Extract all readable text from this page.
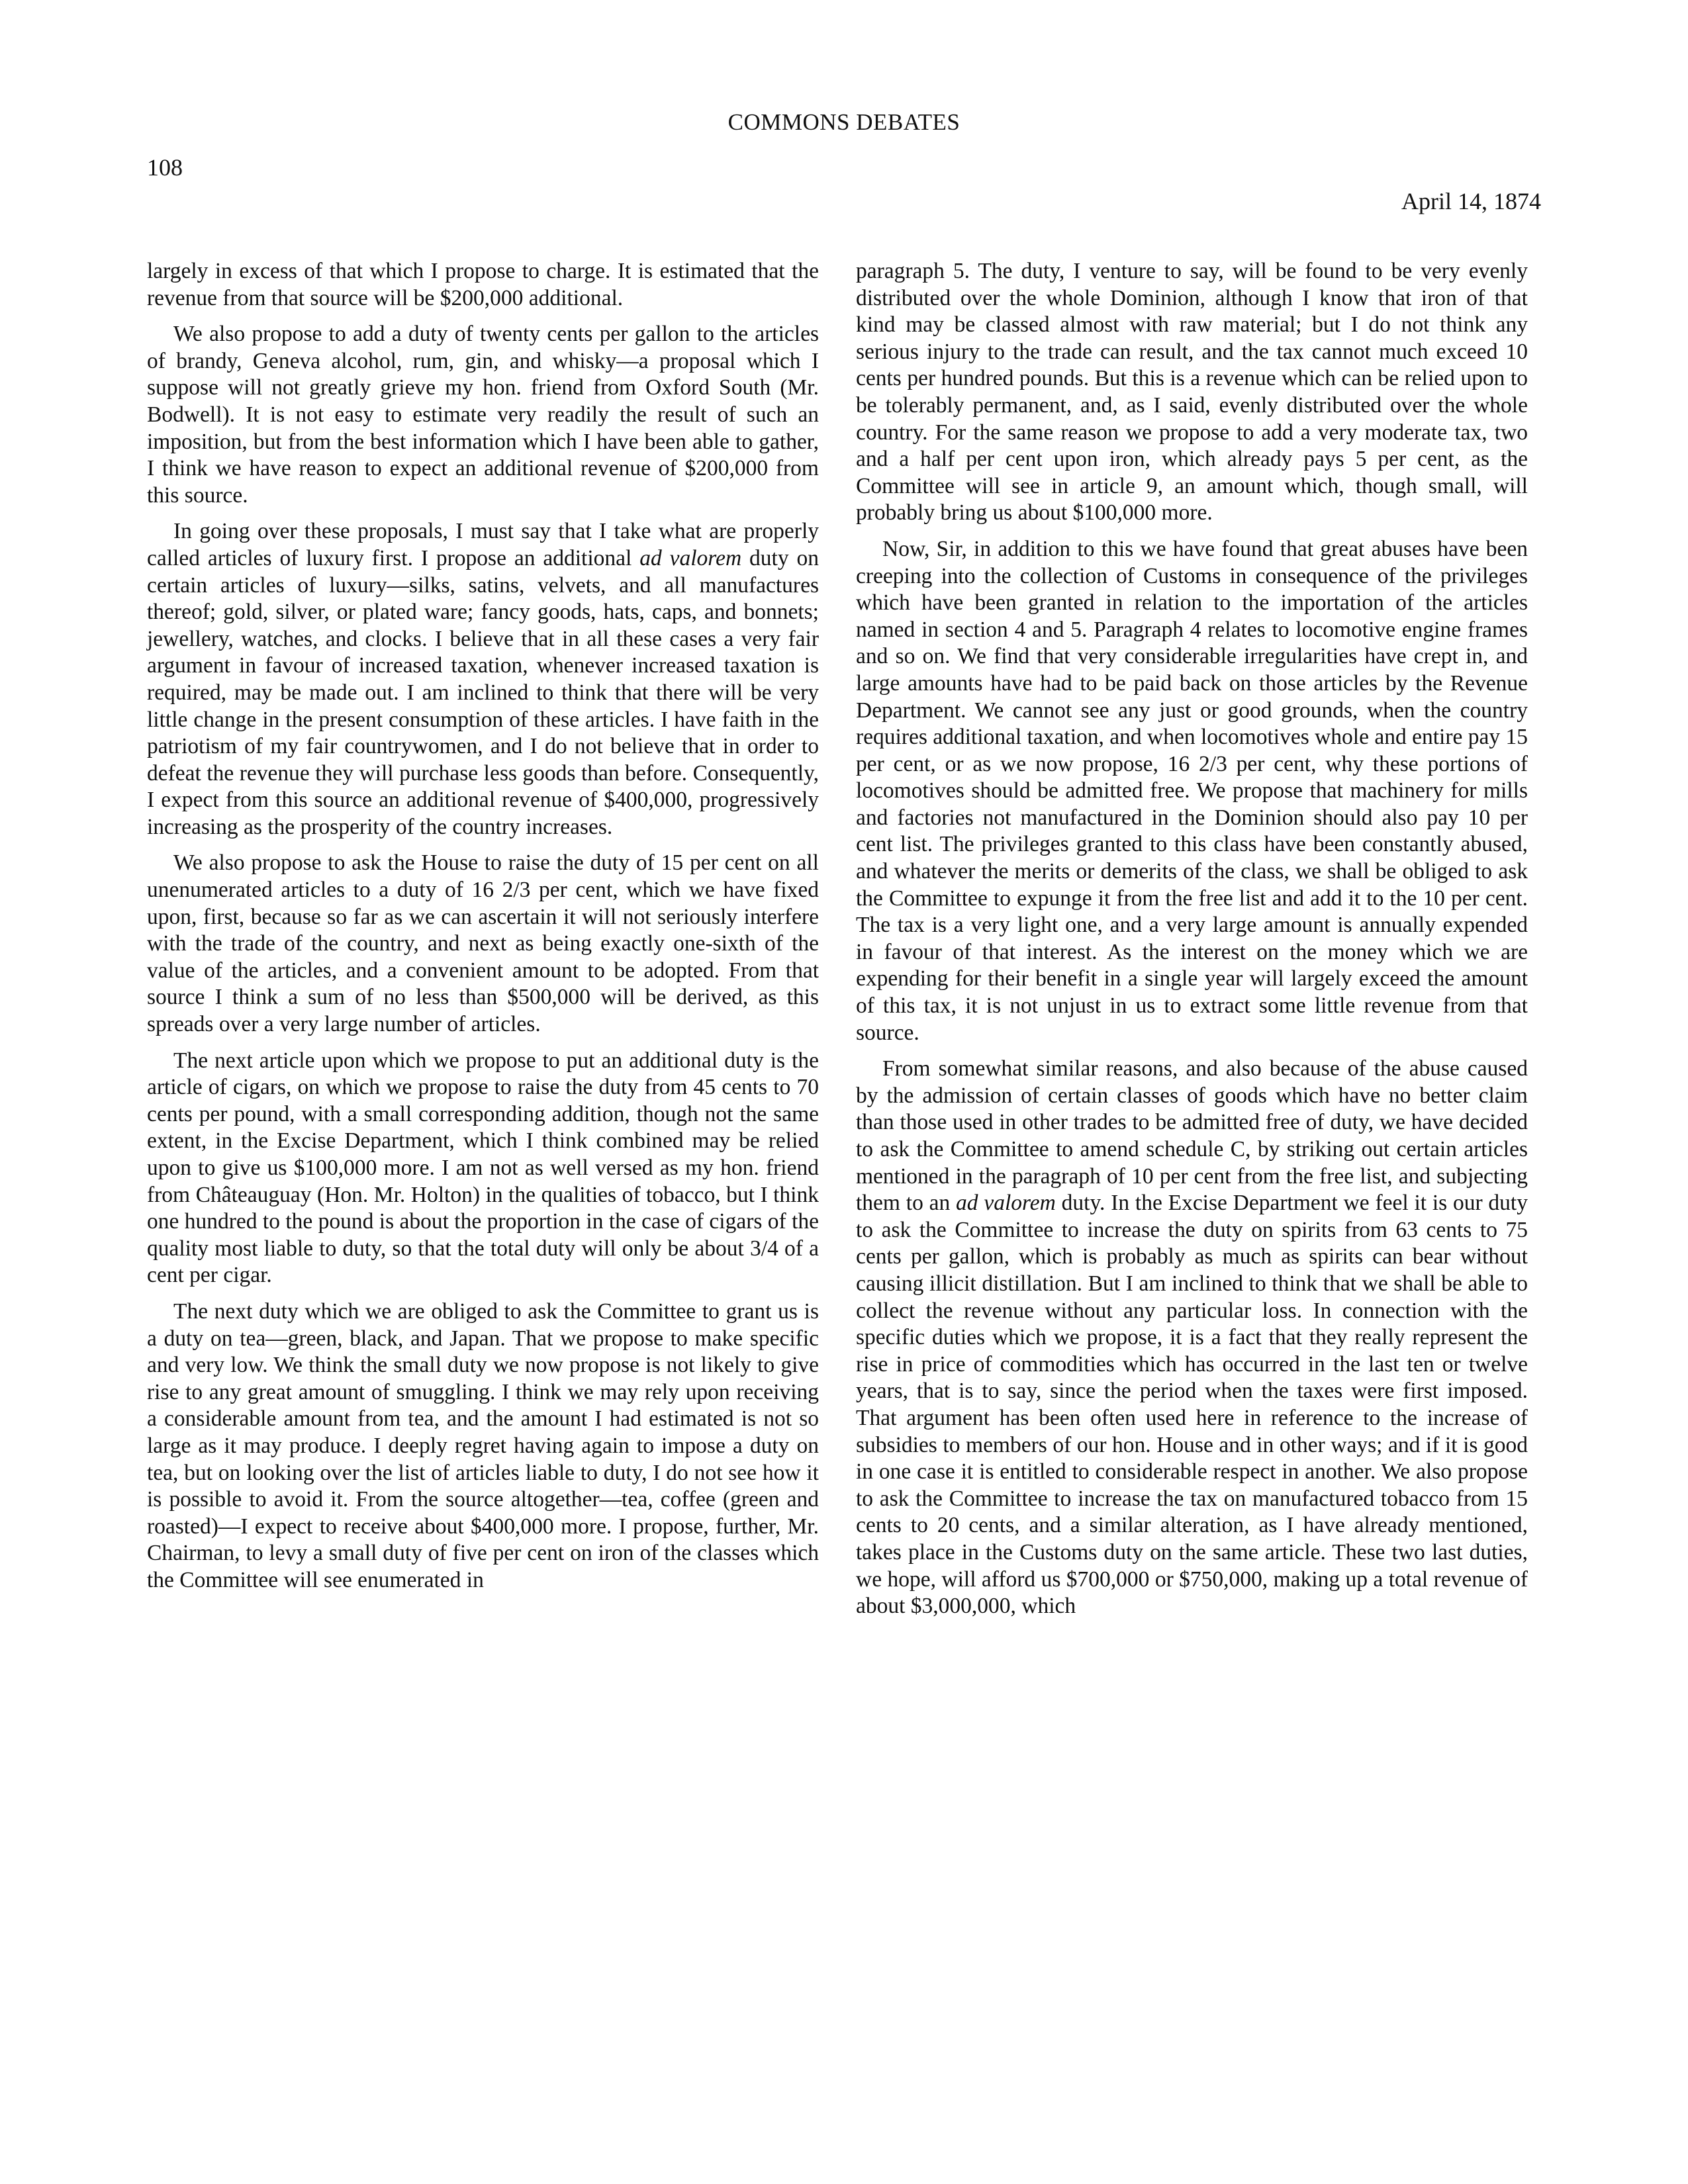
COMMONS DEBATES
108
April 14, 1874

largely in excess of that which I propose to charge. It is estimated that the revenue from that source will be $200,000 additional.

We also propose to add a duty of twenty cents per gallon to the articles of brandy, Geneva alcohol, rum, gin, and whisky—a proposal which I suppose will not greatly grieve my hon. friend from Oxford South (Mr. Bodwell). It is not easy to estimate very readily the result of such an imposition, but from the best information which I have been able to gather, I think we have reason to expect an additional revenue of $200,000 from this source.

In going over these proposals, I must say that I take what are properly called articles of luxury first. I propose an additional ad valorem duty on certain articles of luxury—silks, satins, velvets, and all manufactures thereof; gold, silver, or plated ware; fancy goods, hats, caps, and bonnets; jewellery, watches, and clocks. I believe that in all these cases a very fair argument in favour of increased taxation, whenever increased taxation is required, may be made out. I am inclined to think that there will be very little change in the present consumption of these articles. I have faith in the patriotism of my fair countrywomen, and I do not believe that in order to defeat the revenue they will purchase less goods than before. Consequently, I expect from this source an additional revenue of $400,000, progressively increasing as the prosperity of the country increases.

We also propose to ask the House to raise the duty of 15 per cent on all unenumerated articles to a duty of 16 2/3 per cent, which we have fixed upon, first, because so far as we can ascertain it will not seriously interfere with the trade of the country, and next as being exactly one-sixth of the value of the articles, and a convenient amount to be adopted. From that source I think a sum of no less than $500,000 will be derived, as this spreads over a very large number of articles.

The next article upon which we propose to put an additional duty is the article of cigars, on which we propose to raise the duty from 45 cents to 70 cents per pound, with a small corresponding addition, though not the same extent, in the Excise Department, which I think combined may be relied upon to give us $100,000 more. I am not as well versed as my hon. friend from Châteauguay (Hon. Mr. Holton) in the qualities of tobacco, but I think one hundred to the pound is about the proportion in the case of cigars of the quality most liable to duty, so that the total duty will only be about 3/4 of a cent per cigar.

The next duty which we are obliged to ask the Committee to grant us is a duty on tea—green, black, and Japan. That we propose to make specific and very low. We think the small duty we now propose is not likely to give rise to any great amount of smuggling. I think we may rely upon receiving a considerable amount from tea, and the amount I had estimated is not so large as it may produce. I deeply regret having again to impose a duty on tea, but on looking over the list of articles liable to duty, I do not see how it is possible to avoid it. From the source altogether—tea, coffee (green and roasted)—I expect to receive about $400,000 more. I propose, further, Mr. Chairman, to levy a small duty of five per cent on iron of the classes which the Committee will see enumerated in

paragraph 5. The duty, I venture to say, will be found to be very evenly distributed over the whole Dominion, although I know that iron of that kind may be classed almost with raw material; but I do not think any serious injury to the trade can result, and the tax cannot much exceed 10 cents per hundred pounds. But this is a revenue which can be relied upon to be tolerably permanent, and, as I said, evenly distributed over the whole country. For the same reason we propose to add a very moderate tax, two and a half per cent upon iron, which already pays 5 per cent, as the Committee will see in article 9, an amount which, though small, will probably bring us about $100,000 more.

Now, Sir, in addition to this we have found that great abuses have been creeping into the collection of Customs in consequence of the privileges which have been granted in relation to the importation of the articles named in section 4 and 5. Paragraph 4 relates to locomotive engine frames and so on. We find that very considerable irregularities have crept in, and large amounts have had to be paid back on those articles by the Revenue Department. We cannot see any just or good grounds, when the country requires additional taxation, and when locomotives whole and entire pay 15 per cent, or as we now propose, 16 2/3 per cent, why these portions of locomotives should be admitted free. We propose that machinery for mills and factories not manufactured in the Dominion should also pay 10 per cent list. The privileges granted to this class have been constantly abused, and whatever the merits or demerits of the class, we shall be obliged to ask the Committee to expunge it from the free list and add it to the 10 per cent. The tax is a very light one, and a very large amount is annually expended in favour of that interest. As the interest on the money which we are expending for their benefit in a single year will largely exceed the amount of this tax, it is not unjust in us to extract some little revenue from that source.

From somewhat similar reasons, and also because of the abuse caused by the admission of certain classes of goods which have no better claim than those used in other trades to be admitted free of duty, we have decided to ask the Committee to amend schedule C, by striking out certain articles mentioned in the paragraph of 10 per cent from the free list, and subjecting them to an ad valorem duty. In the Excise Department we feel it is our duty to ask the Committee to increase the duty on spirits from 63 cents to 75 cents per gallon, which is probably as much as spirits can bear without causing illicit distillation. But I am inclined to think that we shall be able to collect the revenue without any particular loss. In connection with the specific duties which we propose, it is a fact that they really represent the rise in price of commodities which has occurred in the last ten or twelve years, that is to say, since the period when the taxes were first imposed. That argument has been often used here in reference to the increase of subsidies to members of our hon. House and in other ways; and if it is good in one case it is entitled to considerable respect in another. We also propose to ask the Committee to increase the tax on manufactured tobacco from 15 cents to 20 cents, and a similar alteration, as I have already mentioned, takes place in the Customs duty on the same article. These two last duties, we hope, will afford us $700,000 or $750,000, making up a total revenue of about $3,000,000, which
